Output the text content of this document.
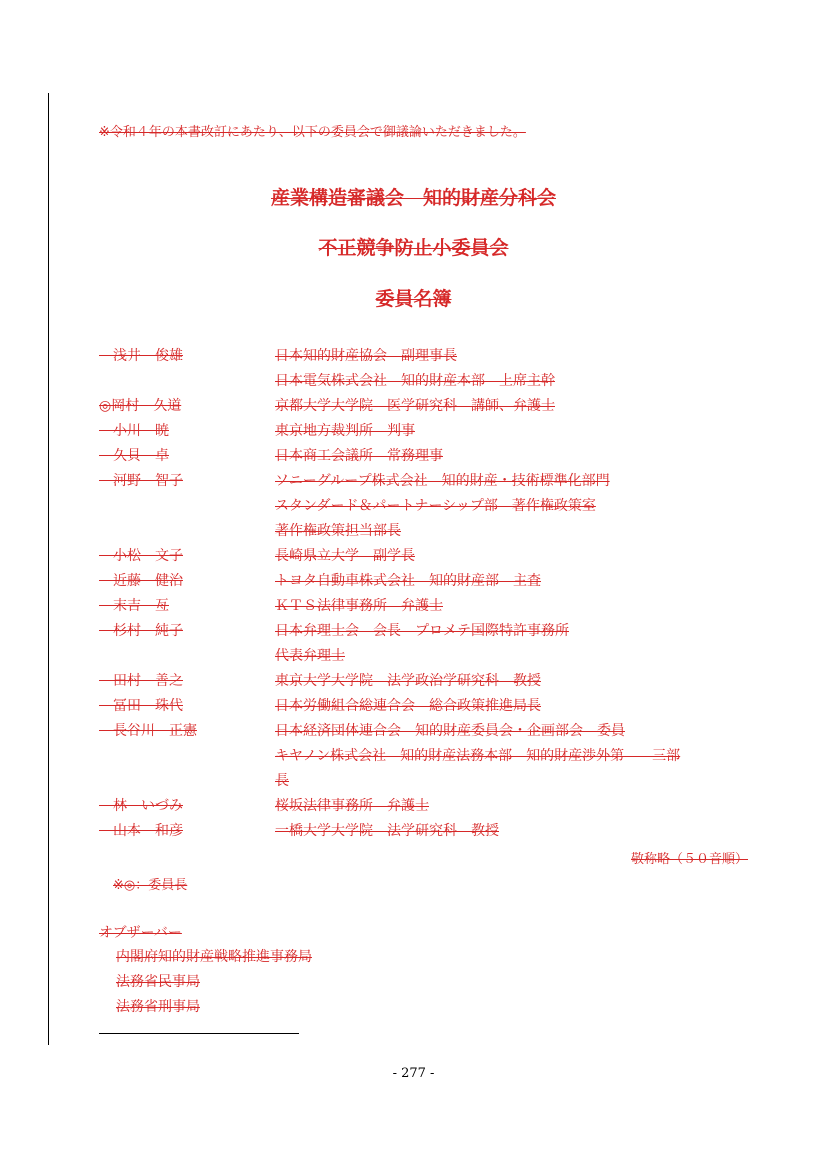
※令和４年の本書改訂にあたり、以下の委員会で御議論いただきました。
産業構造審議会　知的財産分科会
不正競争防止小委員会
委員名簿
　浅井　俊雄	日本知的財産協会　副理事長
日本電気株式会社　知的財産本部　上席主幹
◎岡村　久道	京都大学大学院　医学研究科　講師、弁護士
　小川　暁	東京地方裁判所　判事
　久貝　卓	日本商工会議所　常務理事
　河野　智子	ソニーグループ株式会社　知的財産・技術標準化部門
スタンダード＆パートナーシップ部　著作権政策室
著作権政策担当部長
　小松　文子	長崎県立大学　副学長
　近藤　健治	トヨタ自動車株式会社　知的財産部　主査
　末吉　亙	ＫＴＳ法律事務所　弁護士
　杉村　純子	日本弁理士会　会長　プロメテ国際特許事務所
代表弁理士
　田村　善之	東京大学大学院　法学政治学研究科　教授
　冨田　珠代	日本労働組合総連合会　総合政策推進局長
　長谷川　正憲	日本経済団体連合会　知的財産委員会・企画部会　委員
キヤノン株式会社　知的財産法務本部　知的財産渉外第　　三部
長
　林　いづみ	桜坂法律事務所　弁護士
　山本　和彦	一橋大学大学院　法学研究科　教授
敬称略（５０音順）
※◎：委員長
オブザーバー
内閣府知的財産戦略推進事務局
法務省民事局
法務省刑事局
- 277 -
